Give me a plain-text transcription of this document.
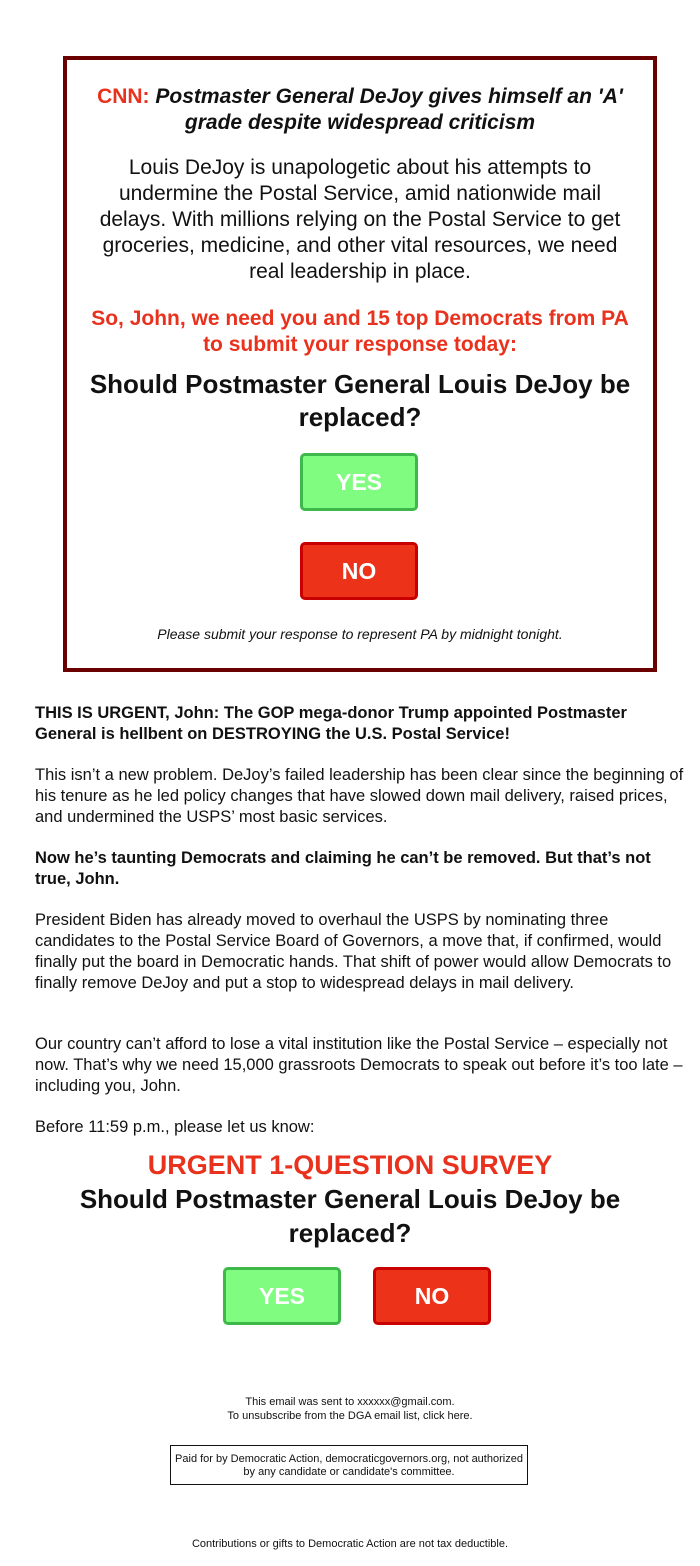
CNN: Postmaster General DeJoy gives himself an 'A' grade despite widespread criticism
Louis DeJoy is unapologetic about his attempts to undermine the Postal Service, amid nationwide mail delays. With millions relying on the Postal Service to get groceries, medicine, and other vital resources, we need real leadership in place.
So, John, we need you and 15 top Democrats from PA to submit your response today:
Should Postmaster General Louis DeJoy be replaced?
YES
NO
Please submit your response to represent PA by midnight tonight.
THIS IS URGENT, John: The GOP mega-donor Trump appointed Postmaster General is hellbent on DESTROYING the U.S. Postal Service!
This isn’t a new problem. DeJoy’s failed leadership has been clear since the beginning of his tenure as he led policy changes that have slowed down mail delivery, raised prices, and undermined the USPS’ most basic services.
Now he’s taunting Democrats and claiming he can’t be removed. But that’s not true, John.
President Biden has already moved to overhaul the USPS by nominating three candidates to the Postal Service Board of Governors, a move that, if confirmed, would finally put the board in Democratic hands. That shift of power would allow Democrats to finally remove DeJoy and put a stop to widespread delays in mail delivery.
Our country can’t afford to lose a vital institution like the Postal Service – especially not now. That’s why we need 15,000 grassroots Democrats to speak out before it’s too late – including you, John.
Before 11:59 p.m., please let us know:
URGENT 1-QUESTION SURVEY
Should Postmaster General Louis DeJoy be replaced?
YES	NO
This email was sent to xxxxxx@gmail.com.
To unsubscribe from the DGA email list, click here.
Paid for by Democratic Action, democraticgovernors.org, not authorized by any candidate or candidate's committee.
Contributions or gifts to Democratic Action are not tax deductible.
